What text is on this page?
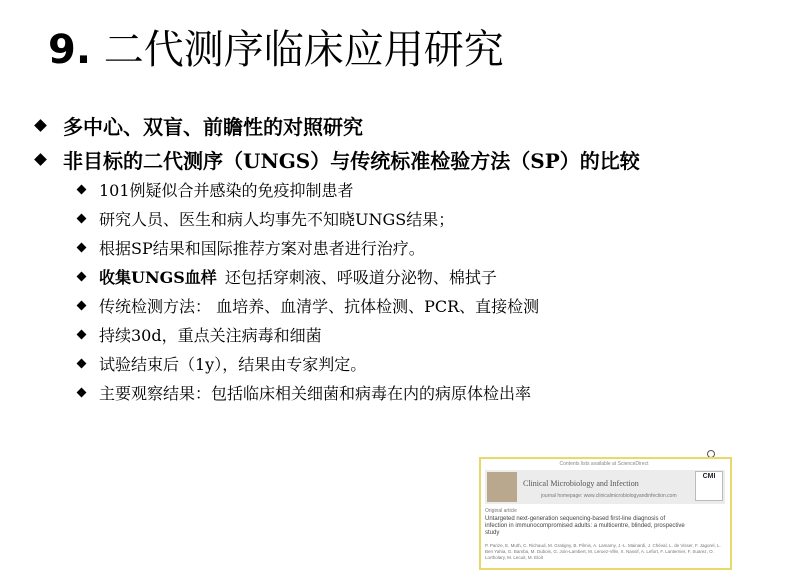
9. 二代测序临床应用研究
多中心、双盲、前瞻性的对照研究
非目标的二代测序（UNGS）与传统标准检验方法（SP）的比较
101例疑似合并感染的免疫抑制患者
研究人员、医生和病人均事先不知晓UNGS结果；
根据SP结果和国际推荐方案对患者进行治疗。
收集UNGS血样 还包括穿刺液、呼吸道分泌物、棉拭子
传统检测方法： 血培养、血清学、抗体检测、PCR、直接检测
持续30d，重点关注病毒和细菌
试验结束后（1y），结果由专家判定。
主要观察结果：包括临床相关细菌和病毒在内的病原体检出率
Contents lists available at ScienceDirect
Clinical Microbiology and Infection
journal homepage: www.clinicalmicrobiologyandinfection.com
CMI
Original article
Untargeted next-generation sequencing-based first-line diagnosis of infection in immunocompromised adults: a multicentre, blinded, prospective study
P. Parize, E. Muth, C. Richaud, M. Gratigny, B. Pilmis, A. Lamamy, J.-L. Mainardi, J. Chéval, L. de Visser, F. Jagorel, L. Ben Yahia, G. Bamba, M. Dubois, G. Join-Lambert, M. Leruez-Ville, X. Nassif, A. Lefort, F. Lanternier, F. Suarez, O. Lortholary, M. Lecuit, M. Eloit
